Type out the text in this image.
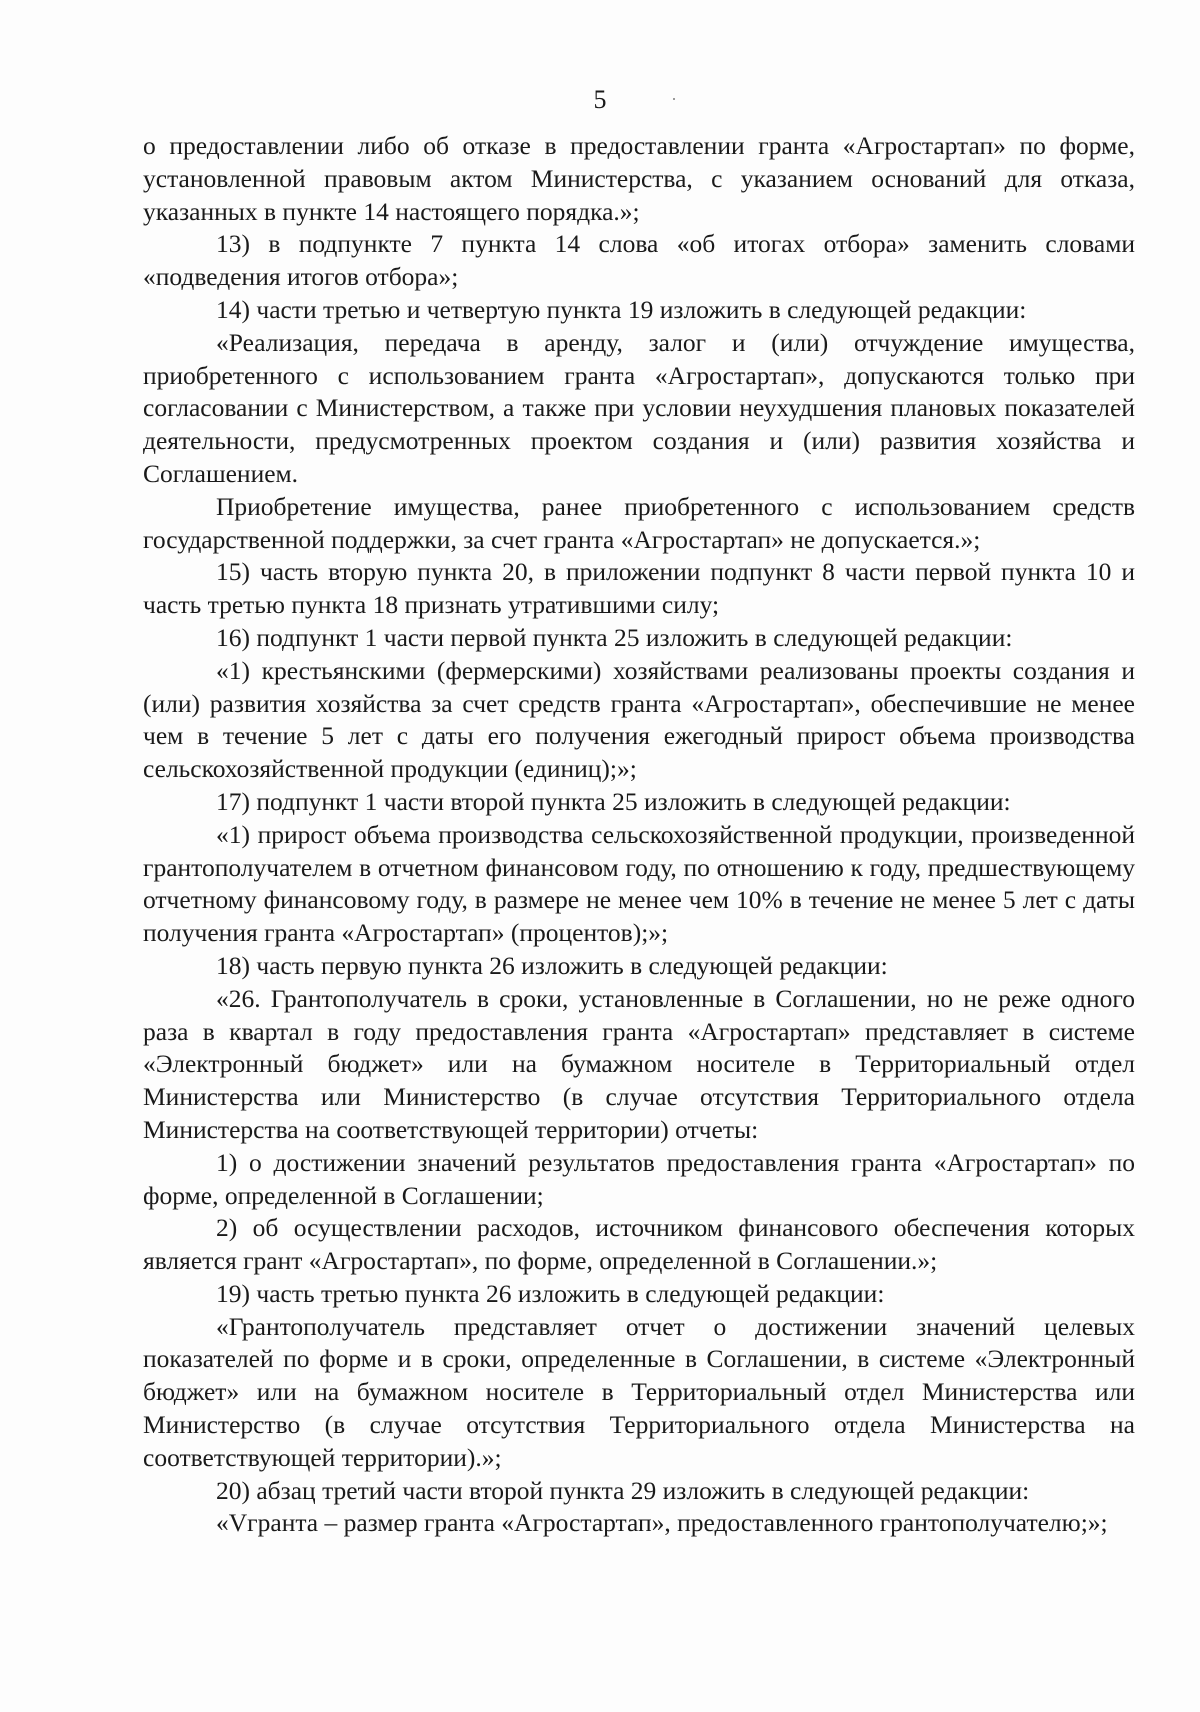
5

о предоставлении либо об отказе в предоставлении гранта «Агростартап» по форме, установленной правовым актом Министерства, с указанием оснований для отказа, указанных в пункте 14 настоящего порядка.»;

13) в подпункте 7 пункта 14 слова «об итогах отбора» заменить словами «подведения итогов отбора»;

14) части третью и четвертую пункта 19 изложить в следующей редакции:

«Реализация, передача в аренду, залог и (или) отчуждение имущества, приобретенного с использованием гранта «Агростартап», допускаются только при согласовании с Министерством, а также при условии неухудшения плановых показателей деятельности, предусмотренных проектом создания и (или) развития хозяйства и Соглашением.

Приобретение имущества, ранее приобретенного с использованием средств государственной поддержки, за счет гранта «Агростартап» не допускается.»;

15) часть вторую пункта 20, в приложении подпункт 8 части первой пункта 10 и часть третью пункта 18 признать утратившими силу;

16) подпункт 1 части первой пункта 25 изложить в следующей редакции:

«1) крестьянскими (фермерскими) хозяйствами реализованы проекты создания и (или) развития хозяйства за счет средств гранта «Агростартап», обеспечившие не менее чем в течение 5 лет с даты его получения ежегодный прирост объема производства сельскохозяйственной продукции (единиц);»;

17) подпункт 1 части второй пункта 25 изложить в следующей редакции:

«1) прирост объема производства сельскохозяйственной продукции, произведенной грантополучателем в отчетном финансовом году, по отношению к году, предшествующему отчетному финансовому году, в размере не менее чем 10% в течение не менее 5 лет с даты получения гранта «Агростартап» (процентов);»;

18) часть первую пункта 26 изложить в следующей редакции:

«26. Грантополучатель в сроки, установленные в Соглашении, но не реже одного раза в квартал в году предоставления гранта «Агростартап» представляет в системе «Электронный бюджет» или на бумажном носителе в Территориальный отдел Министерства или Министерство (в случае отсутствия Территориального отдела Министерства на соответствующей территории) отчеты:

1) о достижении значений результатов предоставления гранта «Агростартап» по форме, определенной в Соглашении;

2) об осуществлении расходов, источником финансового обеспечения которых является грант «Агростартап», по форме, определенной в Соглашении.»;

19) часть третью пункта 26 изложить в следующей редакции:

«Грантополучатель представляет отчет о достижении значений целевых показателей по форме и в сроки, определенные в Соглашении, в системе «Электронный бюджет» или на бумажном носителе в Территориальный отдел Министерства или Министерство (в случае отсутствия Территориального отдела Министерства на соответствующей территории).»;

20) абзац третий части второй пункта 29 изложить в следующей редакции:

«Vгранта – размер гранта «Агростартап», предоставленного грантополучателю;»;
